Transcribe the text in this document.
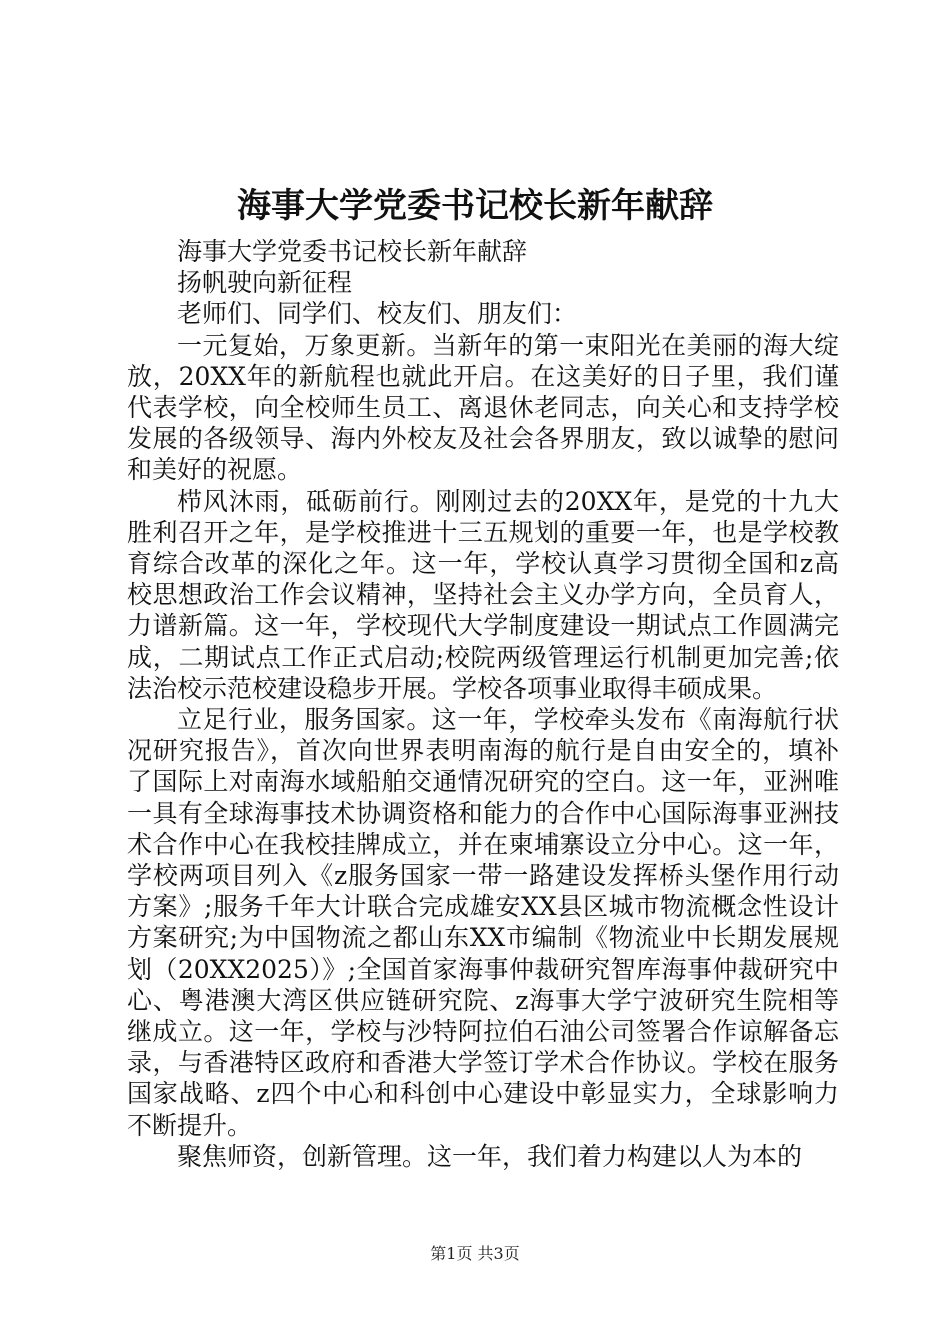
海事大学党委书记校长新年献辞

海事大学党委书记校长新年献辞

扬帆驶向新征程

老师们、同学们、校友们、朋友们：

一元复始，万象更新。当新年的第一束阳光在美丽的海大绽放，20XX年的新航程也就此开启。在这美好的日子里，我们谨代表学校，向全校师生员工、离退休老同志，向关心和支持学校发展的各级领导、海内外校友及社会各界朋友，致以诚挚的慰问和美好的祝愿。

栉风沐雨，砥砺前行。刚刚过去的20XX年，是党的十九大胜利召开之年，是学校推进十三五规划的重要一年，也是学校教育综合改革的深化之年。这一年，学校认真学习贯彻全国和z高校思想政治工作会议精神，坚持社会主义办学方向，全员育人，力谱新篇。这一年，学校现代大学制度建设一期试点工作圆满完成，二期试点工作正式启动;校院两级管理运行机制更加完善;依法治校示范校建设稳步开展。学校各项事业取得丰硕成果。

立足行业，服务国家。这一年，学校牵头发布《南海航行状况研究报告》，首次向世界表明南海的航行是自由安全的，填补了国际上对南海水域船舶交通情况研究的空白。这一年，亚洲唯一具有全球海事技术协调资格和能力的合作中心国际海事亚洲技术合作中心在我校挂牌成立，并在柬埔寨设立分中心。这一年，学校两项目列入《z服务国家一带一路建设发挥桥头堡作用行动方案》;服务千年大计联合完成雄安XX县区城市物流概念性设计方案研究;为中国物流之都山东XX市编制《物流业中长期发展规划（20XX2025）》;全国首家海事仲裁研究智库海事仲裁研究中心、粤港澳大湾区供应链研究院、z海事大学宁波研究生院相等继成立。这一年，学校与沙特阿拉伯石油公司签署合作谅解备忘录，与香港特区政府和香港大学签订学术合作协议。学校在服务国家战略、z四个中心和科创中心建设中彰显实力，全球影响力不断提升。

聚焦师资，创新管理。这一年，我们着力构建以人为本的

第1页 共3页
